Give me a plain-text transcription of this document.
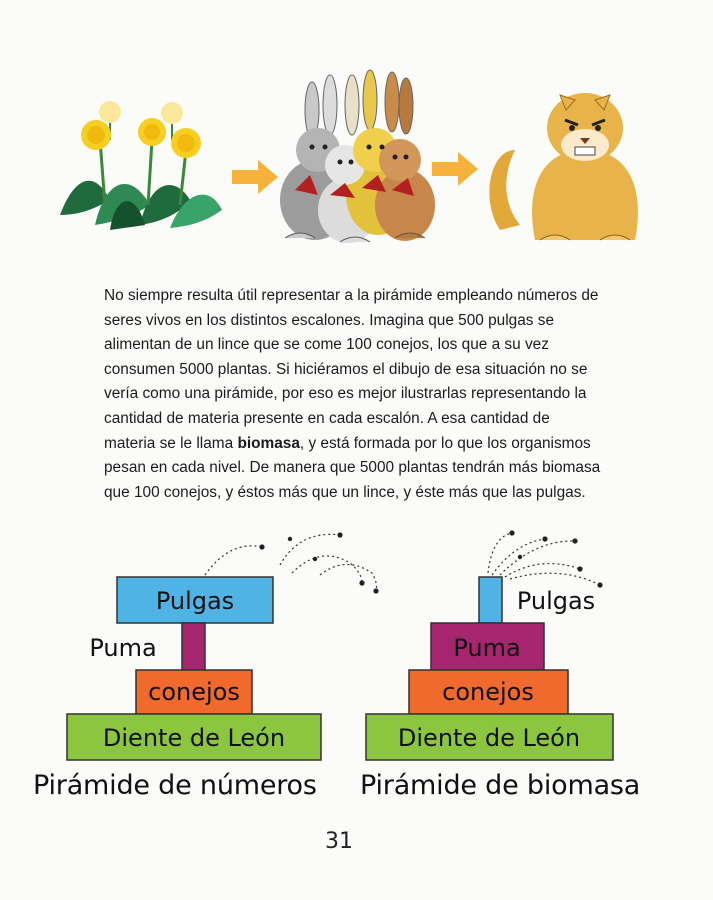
No siempre resulta útil representar a la pirámide empleando números de seres vivos en los distintos escalones. Imagina que 500 pulgas se alimentan de un lince que se come 100 conejos, los que a su vez consumen 5000 plantas. Si hiciéramos el dibujo de esa situación no se vería como una pirámide, por eso es mejor ilustrarlas representando la cantidad de materia presente en cada escalón. A esa cantidad de materia se le llama biomasa, y está formada por lo que los organismos pesan en cada nivel. De manera que 5000 plantas tendrán más biomasa que 100 conejos, y éstos más que un lince, y éste más que las pulgas.

Pulgas
Puma
conejos
Diente de León
Pulgas
Puma
conejos
Diente de León
Pirámide de números Pirámide de biomasa
31
